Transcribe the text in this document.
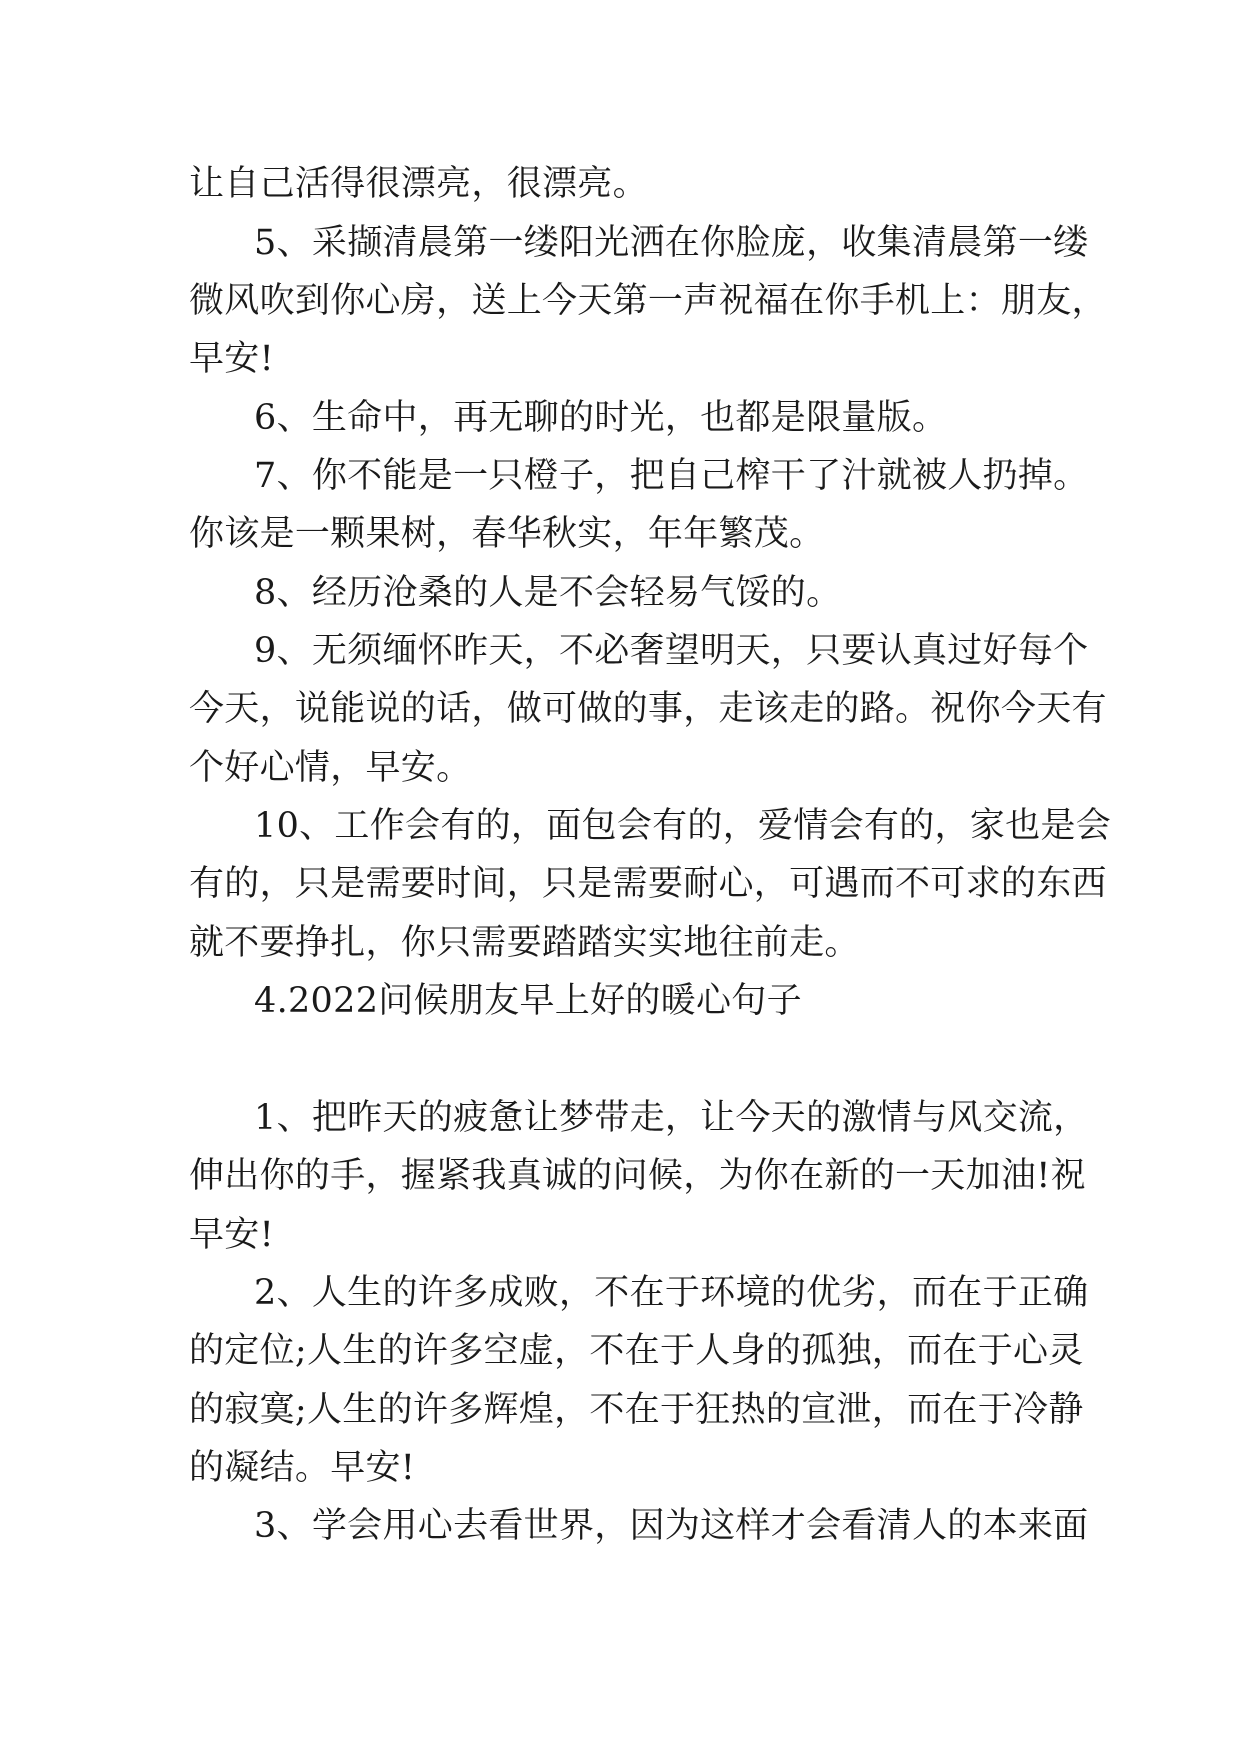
让自己活得很漂亮，很漂亮。
5、采撷清晨第一缕阳光洒在你脸庞，收集清晨第一缕
微风吹到你心房，送上今天第一声祝福在你手机上：朋友，
早安!
6、生命中，再无聊的时光，也都是限量版。
7、你不能是一只橙子，把自己榨干了汁就被人扔掉。
你该是一颗果树，春华秋实，年年繁茂。
8、经历沧桑的人是不会轻易气馁的。
9、无须缅怀昨天，不必奢望明天，只要认真过好每个
今天，说能说的话，做可做的事，走该走的路。祝你今天有
个好心情，早安。
10、工作会有的，面包会有的，爱情会有的，家也是会
有的，只是需要时间，只是需要耐心，可遇而不可求的东西
就不要挣扎，你只需要踏踏实实地往前走。
4.2022问候朋友早上好的暖心句子
1、把昨天的疲惫让梦带走，让今天的激情与风交流，
伸出你的手，握紧我真诚的问候，为你在新的一天加油!祝
早安!
2、人生的许多成败，不在于环境的优劣，而在于正确
的定位;人生的许多空虚，不在于人身的孤独，而在于心灵
的寂寞;人生的许多辉煌，不在于狂热的宣泄，而在于冷静
的凝结。早安!
3、学会用心去看世界，因为这样才会看清人的本来面
